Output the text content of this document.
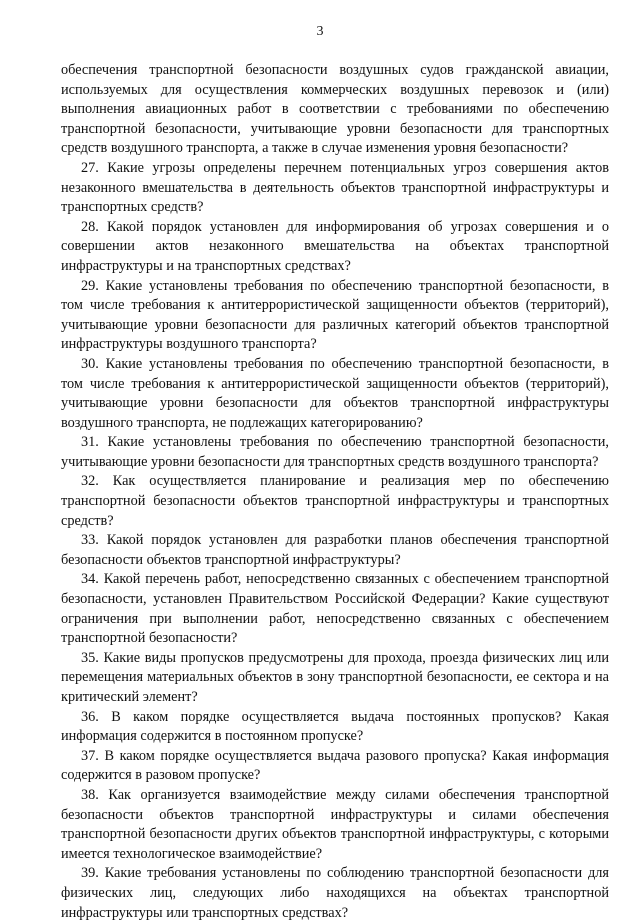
3

обеспечения транспортной безопасности воздушных судов гражданской авиации, используемых для осуществления коммерческих воздушных перевозок и (или) выполнения авиационных работ в соответствии с требованиями по обеспечению транспортной безопасности, учитывающие уровни безопасности для транспортных средств воздушного транспорта, а также в случае изменения уровня безопасности?

27. Какие угрозы определены перечнем потенциальных угроз совершения актов незаконного вмешательства в деятельность объектов транспортной инфраструктуры и транспортных средств?

28. Какой порядок установлен для информирования об угрозах совершения и о совершении актов незаконного вмешательства на объектах транспортной инфраструктуры и на транспортных средствах?

29. Какие установлены требования по обеспечению транспортной безопасности, в том числе требования к антитеррористической защищенности объектов (территорий), учитывающие уровни безопасности для различных категорий объектов транспортной инфраструктуры воздушного транспорта?

30. Какие установлены требования по обеспечению транспортной безопасности, в том числе требования к антитеррористической защищенности объектов (территорий), учитывающие уровни безопасности для объектов транспортной инфраструктуры воздушного транспорта, не подлежащих категорированию?

31. Какие установлены требования по обеспечению транспортной безопасности, учитывающие уровни безопасности для транспортных средств воздушного транспорта?

32. Как осуществляется планирование и реализация мер по обеспечению транспортной безопасности объектов транспортной инфраструктуры и транспортных средств?

33. Какой порядок установлен для разработки планов обеспечения транспортной безопасности объектов транспортной инфраструктуры?

34. Какой перечень работ, непосредственно связанных с обеспечением транспортной безопасности, установлен Правительством Российской Федерации? Какие существуют ограничения при выполнении работ, непосредственно связанных с обеспечением транспортной безопасности?

35. Какие виды пропусков предусмотрены для прохода, проезда физических лиц или перемещения материальных объектов в зону транспортной безопасности, ее сектора и на критический элемент?

36. В каком порядке осуществляется выдача постоянных пропусков? Какая информация содержится в постоянном пропуске?

37. В каком порядке осуществляется выдача разового пропуска? Какая информация содержится в разовом пропуске?

38. Как организуется взаимодействие между силами обеспечения транспортной безопасности объектов транспортной инфраструктуры и силами обеспечения транспортной безопасности других объектов транспортной инфраструктуры, с которыми имеется технологическое взаимодействие?

39. Какие требования установлены по соблюдению транспортной безопасности для физических лиц, следующих либо находящихся на объектах транспортной инфраструктуры или транспортных средствах?
